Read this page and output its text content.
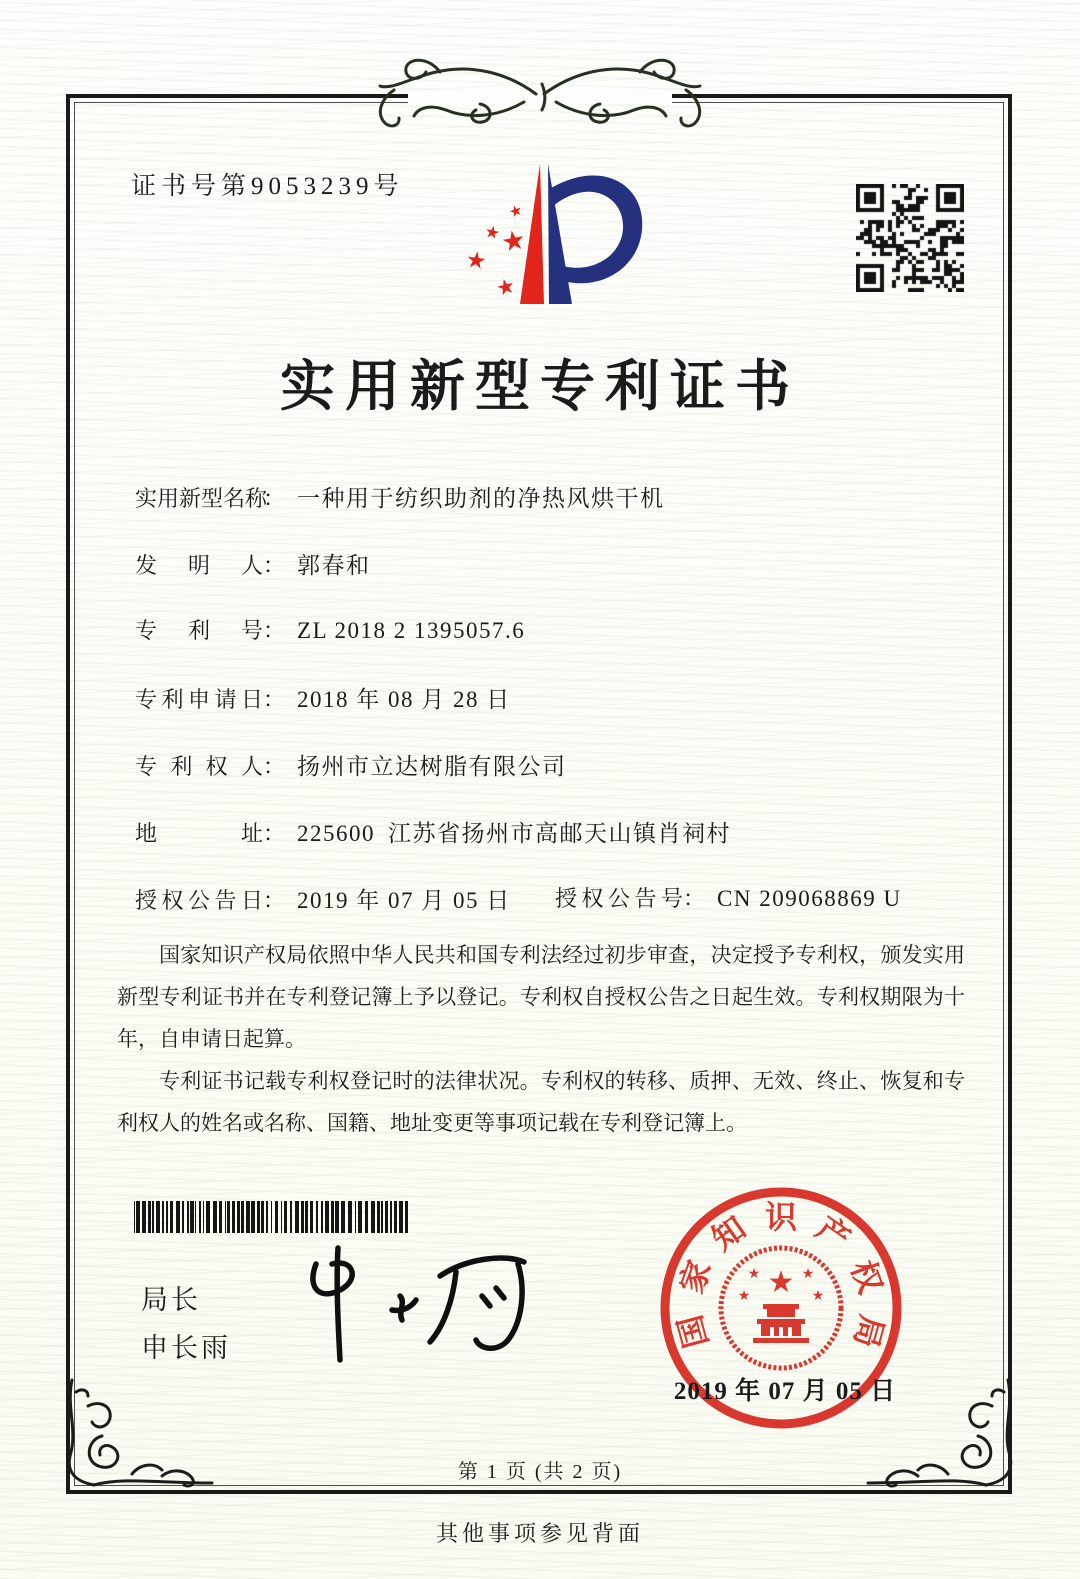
证书号第9053239号
★
★
★
★
★
实用新型专利证书
实用新型名称： 一种用于纺织助剂的净热风烘干机
发明人： 郭春和
专利号： ZL 2018 2 1395057.6
专利申请日： 2018 年 08 月 28 日
专利权人： 扬州市立达树脂有限公司
地址： 225600 江苏省扬州市高邮天山镇肖祠村
授权公告日： 2019 年 07 月 05 日 授权公告号： CN 209068869 U

国家知识产权局依照中华人民共和国专利法经过初步审查，决定授予专利权，颁发实用新型专利证书并在专利登记簿上予以登记。专利权自授权公告之日起生效。专利权期限为十年，自申请日起算。

专利证书记载专利权登记时的法律状况。专利权的转移、质押、无效、终止、恢复和专利权人的姓名或名称、国籍、地址变更等事项记载在专利登记簿上。

局长
申长雨	国
家
知 识 产
权
局
★
★	★
★	★
2019 年 07 月 05 日
第 1 页 (共 2 页)
其他事项参见背面
